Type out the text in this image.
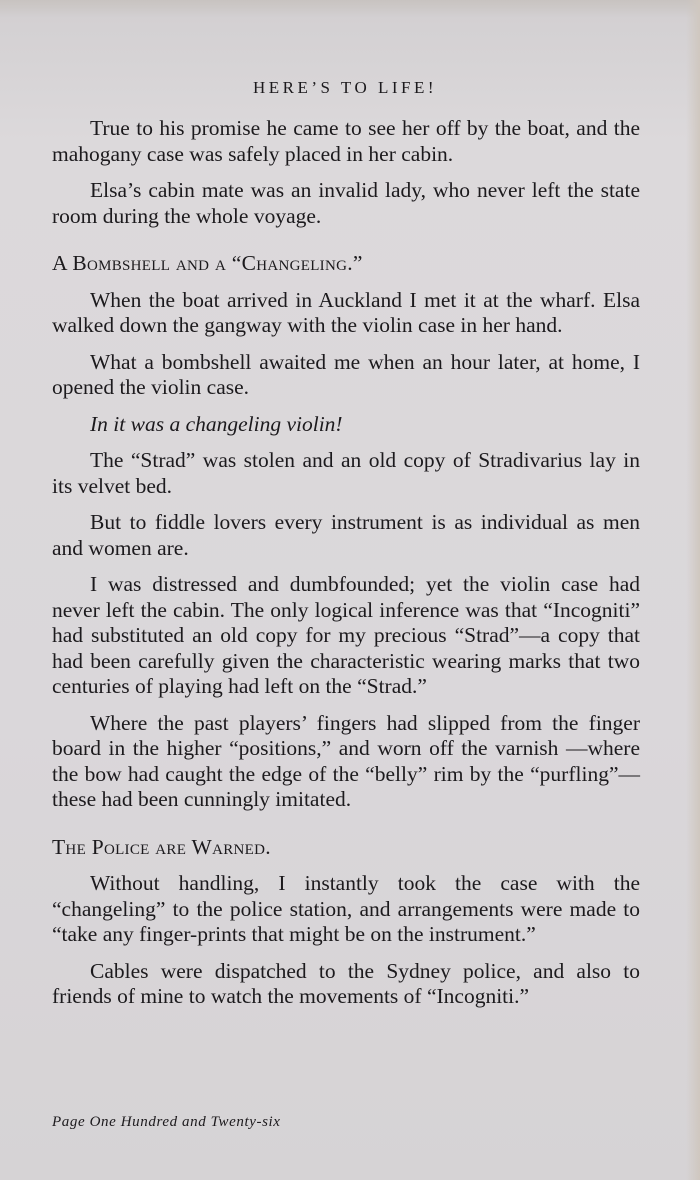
HERE’S TO LIFE!

True to his promise he came to see her off by the boat, and the mahogany case was safely placed in her cabin.

Elsa’s cabin mate was an invalid lady, who never left the state room during the whole voyage.

A Bombshell and a “Changeling.”

When the boat arrived in Auckland I met it at the wharf. Elsa walked down the gangway with the violin case in her hand.

What a bombshell awaited me when an hour later, at home, I opened the violin case.

In it was a changeling violin!

The “Strad” was stolen and an old copy of Stradivarius lay in its velvet bed.

But to fiddle lovers every instrument is as individual as men and women are.

I was distressed and dumbfounded; yet the violin case had never left the cabin. The only logical inference was that “Incogniti” had substituted an old copy for my precious “Strad”—a copy that had been carefully given the characteristic wearing marks that two centuries of playing had left on the “Strad.”

Where the past players’ fingers had slipped from the finger board in the higher “positions,” and worn off the varnish —where the bow had caught the edge of the “belly” rim by the “purfling”—these had been cunningly imitated.

The Police are Warned.

Without handling, I instantly took the case with the “changeling” to the police station, and arrangements were made to “take any finger-prints that might be on the instrument.”

Cables were dispatched to the Sydney police, and also to friends of mine to watch the movements of “Incogniti.”

Page One Hundred and Twenty-six
